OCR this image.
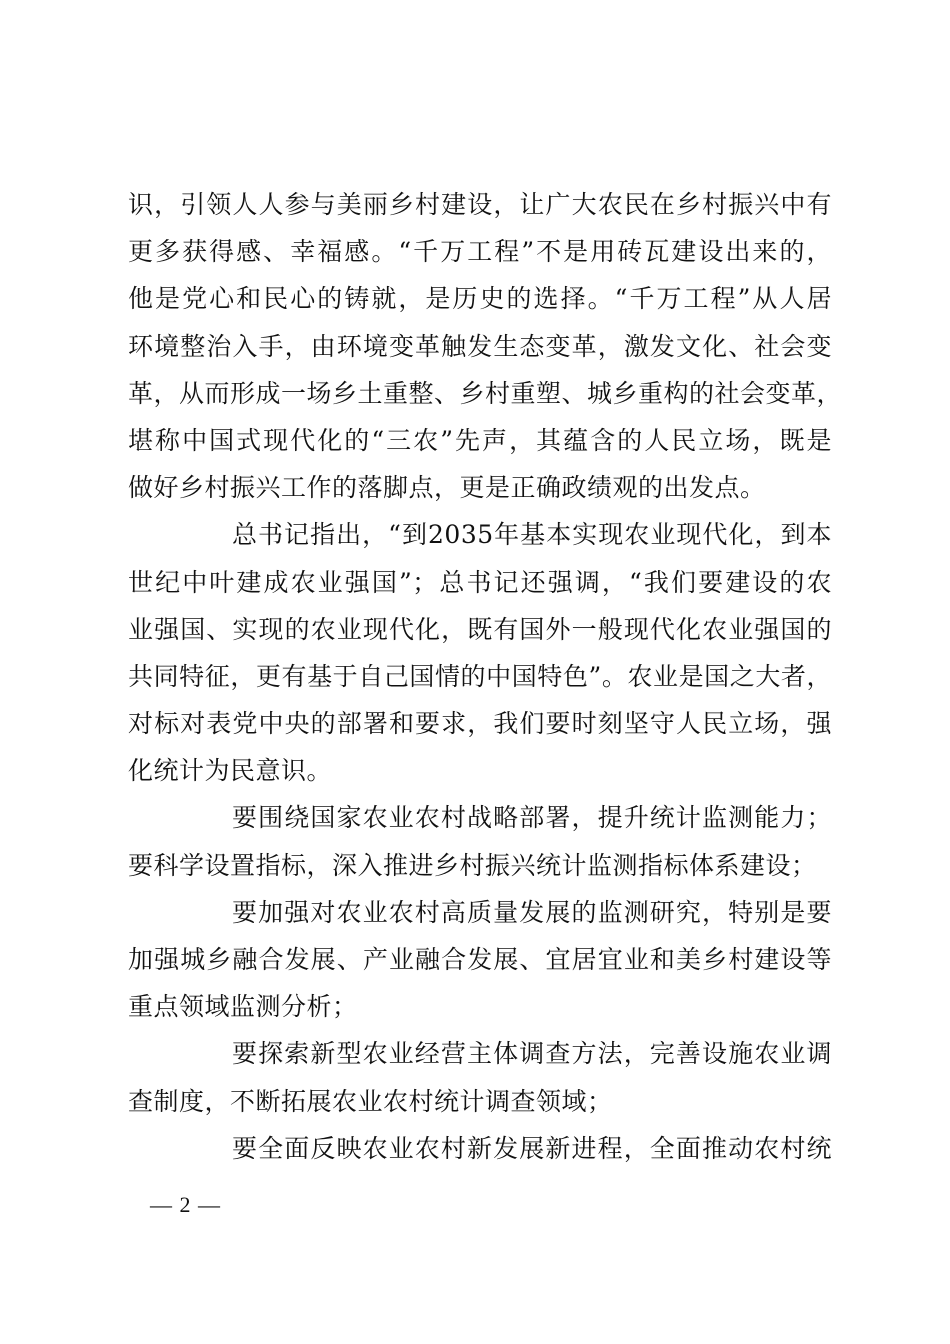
识，引领人人参与美丽乡村建设，让广大农民在乡村振兴中有
更多获得感、幸福感。“千万工程”不是用砖瓦建设出来的，
他是党心和民心的铸就，是历史的选择。“千万工程”从人居
环境整治入手，由环境变革触发生态变革，激发文化、社会变
革，从而形成一场乡土重整、乡村重塑、城乡重构的社会变革，
堪称中国式现代化的“三农”先声，其蕴含的人民立场，既是
做好乡村振兴工作的落脚点，更是正确政绩观的出发点。
总书记指出，“到2035年基本实现农业现代化，到本
世纪中叶建成农业强国”；总书记还强调，“我们要建设的农
业强国、实现的农业现代化，既有国外一般现代化农业强国的
共同特征，更有基于自己国情的中国特色”。农业是国之大者，
对标对表党中央的部署和要求，我们要时刻坚守人民立场，强
化统计为民意识。
要围绕国家农业农村战略部署，提升统计监测能力；
要科学设置指标，深入推进乡村振兴统计监测指标体系建设；
要加强对农业农村高质量发展的监测研究，特别是要
加强城乡融合发展、产业融合发展、宜居宜业和美乡村建设等
重点领域监测分析；
要探索新型农业经营主体调查方法，完善设施农业调
查制度，不断拓展农业农村统计调查领域；
要全面反映农业农村新发展新进程，全面推动农村统
— 2 —
